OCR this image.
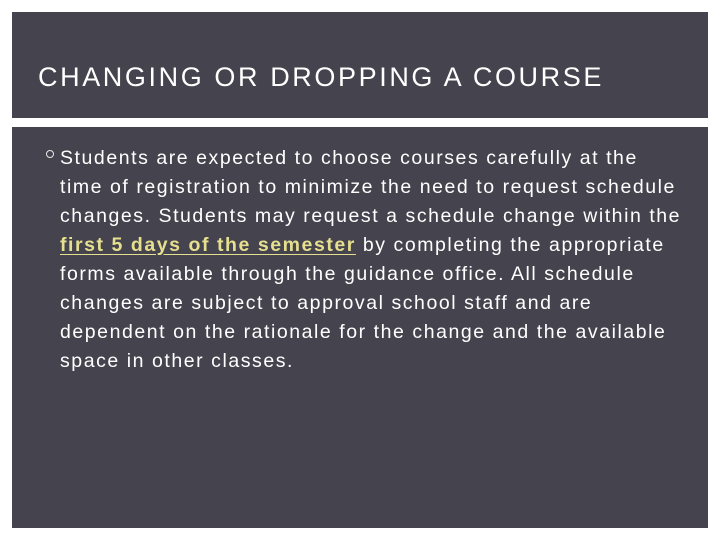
CHANGING OR DROPPING A COURSE

Students are expected to choose courses carefully at the time of registration to minimize the need to request schedule changes. Students may request a schedule change within the first 5 days of the semester by completing the appropriate forms available through the guidance office. All schedule changes are subject to approval school staff and are dependent on the rationale for the change and the available space in other classes.
